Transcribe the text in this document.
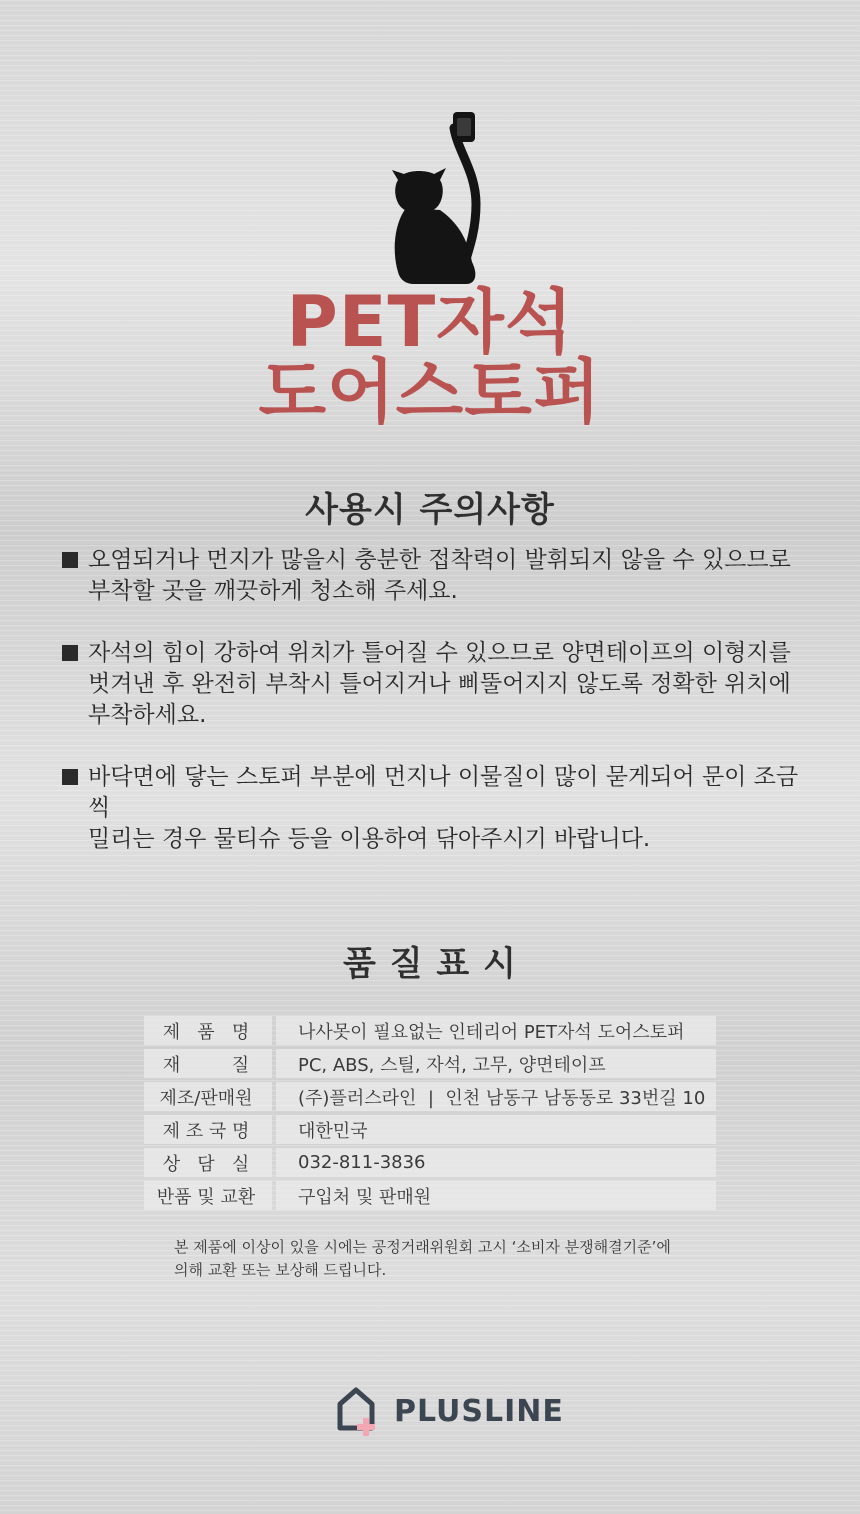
PET자석
도어스토퍼
사용시 주의사항
오염되거나 먼지가 많을시 충분한 접착력이 발휘되지 않을 수 있으므로
부착할 곳을 깨끗하게 청소해 주세요.
자석의 힘이 강하여 위치가 틀어질 수 있으므로 양면테이프의 이형지를
벗겨낸 후 완전히 부착시 틀어지거나 삐뚤어지지 않도록 정확한 위치에
부착하세요.
바닥면에 닿는 스토퍼 부분에 먼지나 이물질이 많이 묻게되어 문이 조금씩
밀리는 경우 물티슈 등을 이용하여 닦아주시기 바랍니다.
품 질 표 시
제   품   명		나사못이 필요없는 인테리어 PET자석 도어스토퍼
재         질		PC, ABS, 스틸, 자석, 고무, 양면테이프
제조/판매원		(주)플러스라인  |  인천 남동구 남동동로 33번길 10
제 조 국 명		대한민국
상   담   실		032-811-3836
반품 및 교환		구입처 및 판매원
본 제품에 이상이 있을 시에는 공정거래위원회 고시 ‘소비자 분쟁해결기준’에
의해 교환 또는 보상해 드립니다.
PLUSLINE
